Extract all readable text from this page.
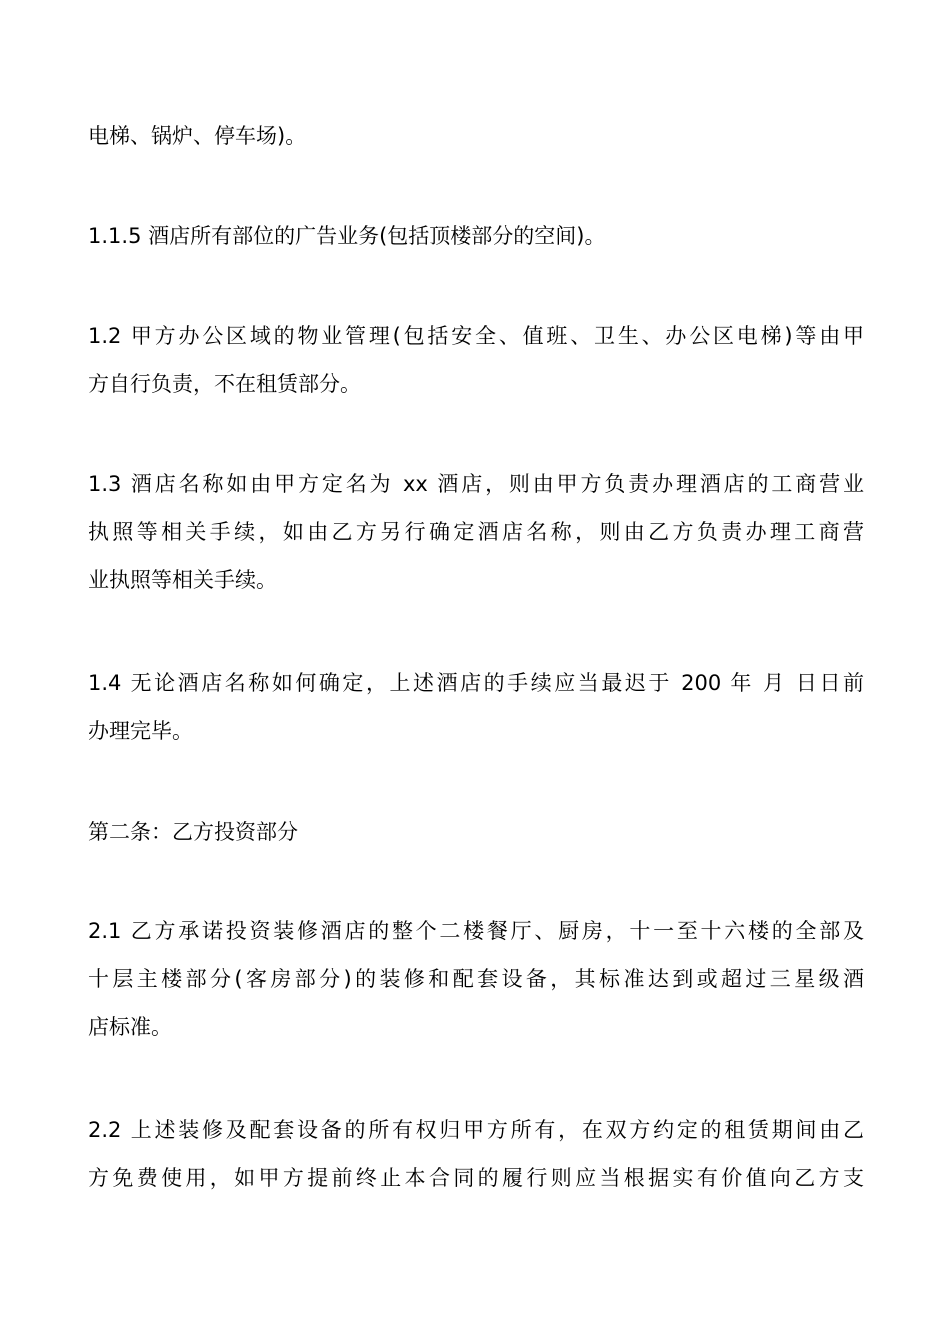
电梯、锅炉、停车场)。
1.1.5 酒店所有部位的广告业务(包括顶楼部分的空间)。
1.2 甲方办公区域的物业管理(包括安全、值班、卫生、办公区电梯)等由甲
方自行负责，不在租赁部分。
1.3 酒店名称如由甲方定名为 xx 酒店，则由甲方负责办理酒店的工商营业
执照等相关手续，如由乙方另行确定酒店名称，则由乙方负责办理工商营
业执照等相关手续。
1.4 无论酒店名称如何确定，上述酒店的手续应当最迟于 200 年 月 日日前
办理完毕。
第二条：乙方投资部分
2.1 乙方承诺投资装修酒店的整个二楼餐厅、厨房，十一至十六楼的全部及
十层主楼部分(客房部分)的装修和配套设备，其标准达到或超过三星级酒
店标准。
2.2 上述装修及配套设备的所有权归甲方所有，在双方约定的租赁期间由乙
方免费使用，如甲方提前终止本合同的履行则应当根据实有价值向乙方支
